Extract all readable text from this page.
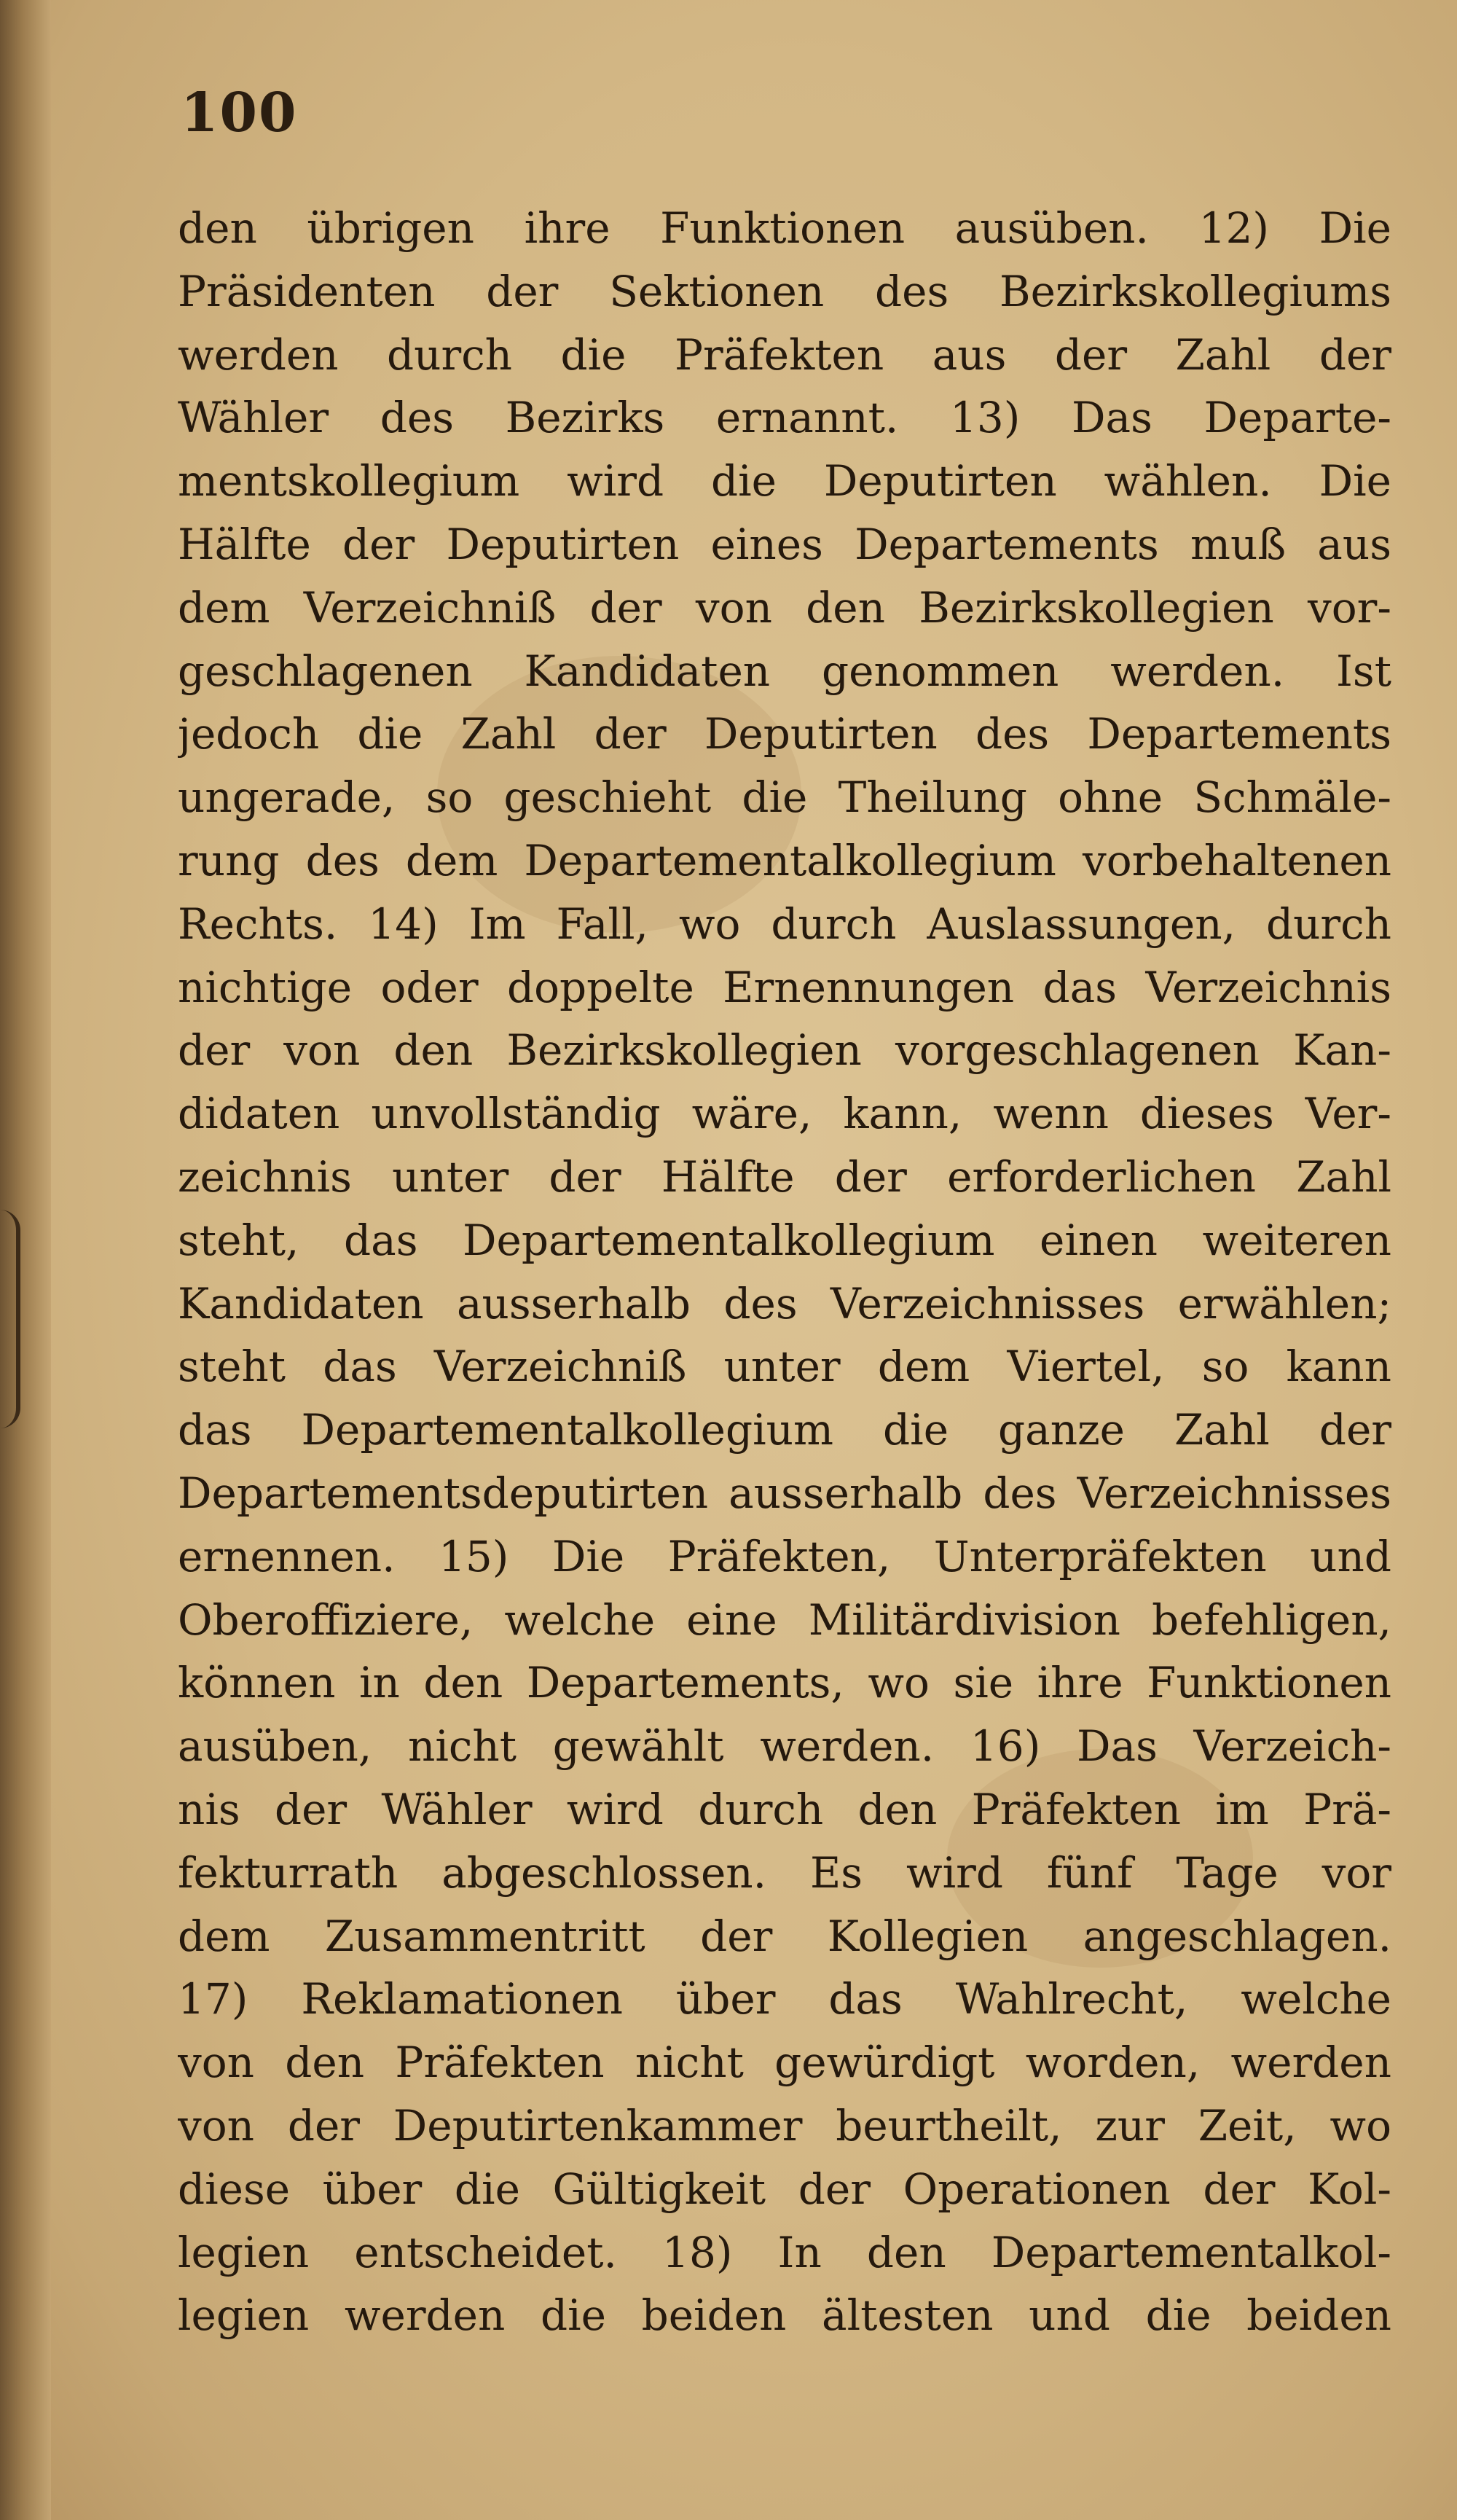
100
den übrigen ihre Funktionen ausüben. 12) Die
Präsidenten der Sektionen des Bezirkskollegiums
werden durch die Präfekten aus der Zahl der
Wähler des Bezirks ernannt. 13) Das Departe-
mentskollegium wird die Deputirten wählen. Die
Hälfte der Deputirten eines Departements muß aus
dem Verzeichniß der von den Bezirkskollegien vor-
geschlagenen Kandidaten genommen werden. Ist
jedoch die Zahl der Deputirten des Departements
ungerade, so geschieht die Theilung ohne Schmäle-
rung des dem Departementalkollegium vorbehaltenen
Rechts. 14) Im Fall, wo durch Auslassungen, durch
nichtige oder doppelte Ernennungen das Verzeichnis
der von den Bezirkskollegien vorgeschlagenen Kan-
didaten unvollständig wäre, kann, wenn dieses Ver-
zeichnis unter der Hälfte der erforderlichen Zahl
steht, das Departementalkollegium einen weiteren
Kandidaten ausserhalb des Verzeichnisses erwählen;
steht das Verzeichniß unter dem Viertel, so kann
das Departementalkollegium die ganze Zahl der
Departementsdeputirten ausserhalb des Verzeichnisses
ernennen. 15) Die Präfekten, Unterpräfekten und
Oberoffiziere, welche eine Militärdivision befehligen,
können in den Departements, wo sie ihre Funktionen
ausüben, nicht gewählt werden. 16) Das Verzeich-
nis der Wähler wird durch den Präfekten im Prä-
fekturrath abgeschlossen. Es wird fünf Tage vor
dem Zusammentritt der Kollegien angeschlagen.
17) Reklamationen über das Wahlrecht, welche
von den Präfekten nicht gewürdigt worden, werden
von der Deputirtenkammer beurtheilt, zur Zeit, wo
diese über die Gültigkeit der Operationen der Kol-
legien entscheidet. 18) In den Departementalkol-
legien werden die beiden ältesten und die beiden
